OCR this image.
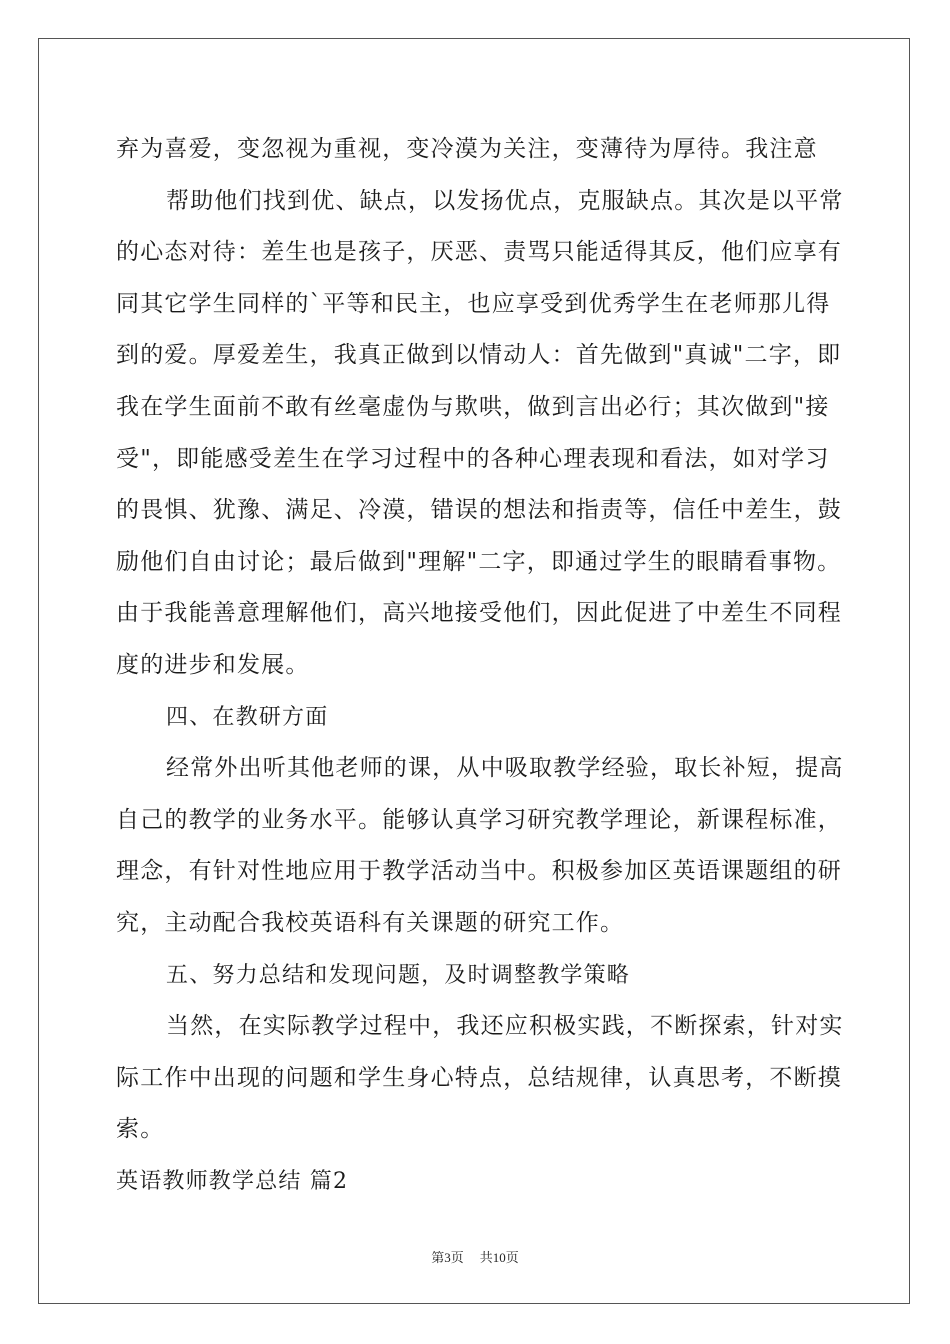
弃为喜爱，变忽视为重视，变冷漠为关注，变薄待为厚待。我注意
帮助他们找到优、缺点，以发扬优点，克服缺点。其次是以平常
的心态对待：差生也是孩子，厌恶、责骂只能适得其反，他们应享有
同其它学生同样的`平等和民主，也应享受到优秀学生在老师那儿得
到的爱。厚爱差生，我真正做到以情动人：首先做到"真诚"二字，即
我在学生面前不敢有丝毫虚伪与欺哄，做到言出必行；其次做到"接
受"，即能感受差生在学习过程中的各种心理表现和看法，如对学习
的畏惧、犹豫、满足、冷漠，错误的想法和指责等，信任中差生，鼓
励他们自由讨论；最后做到"理解"二字，即通过学生的眼睛看事物。
由于我能善意理解他们，高兴地接受他们，因此促进了中差生不同程
度的进步和发展。
四、在教研方面
经常外出听其他老师的课，从中吸取教学经验，取长补短，提高
自己的教学的业务水平。能够认真学习研究教学理论，新课程标准，
理念，有针对性地应用于教学活动当中。积极参加区英语课题组的研
究，主动配合我校英语科有关课题的研究工作。
五、努力总结和发现问题，及时调整教学策略
当然，在实际教学过程中，我还应积极实践，不断探索，针对实
际工作中出现的问题和学生身心特点，总结规律，认真思考，不断摸
索。
英语教师教学总结 篇2
第3页 共10页
